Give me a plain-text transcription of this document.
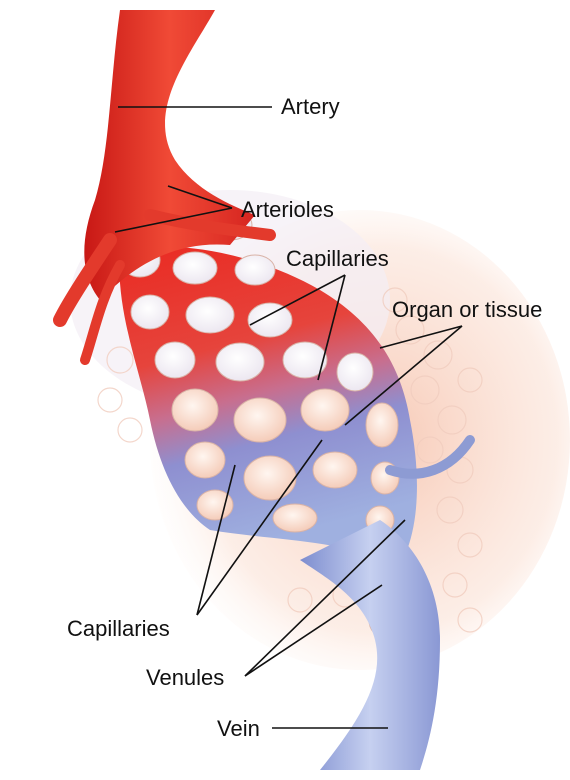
Artery
Arterioles
Capillaries
Organ or tissue
Capillaries
Venules
Vein
